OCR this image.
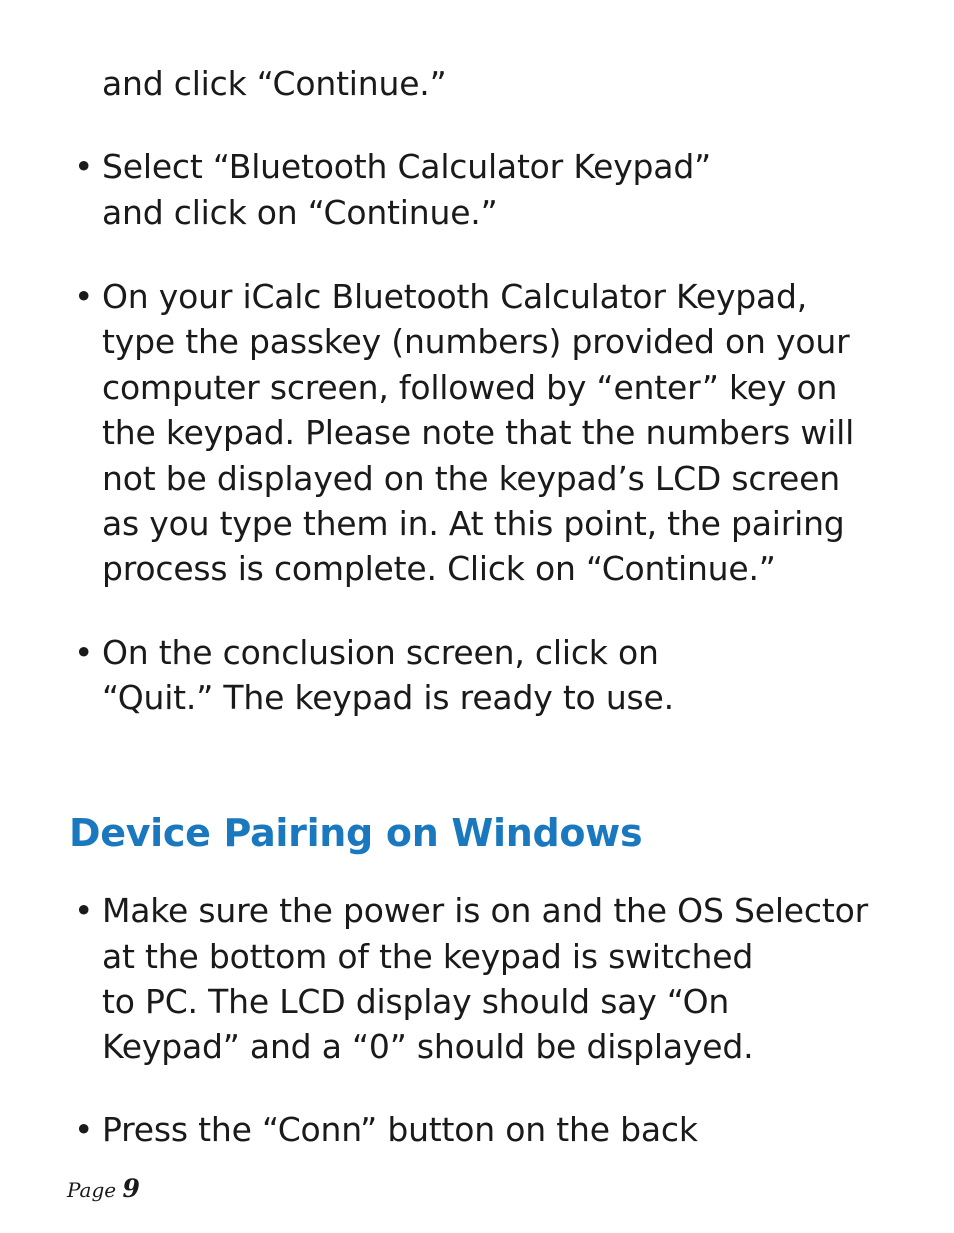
and click “Continue.”
• Select “Bluetooth Calculator Keypad”
and click on “Continue.”
• On your iCalc Bluetooth Calculator Keypad,
type the passkey (numbers) provided on your
computer screen, followed by “enter” key on
the keypad. Please note that the numbers will
not be displayed on the keypad’s LCD screen
as you type them in. At this point, the pairing
process is complete. Click on “Continue.”
• On the conclusion screen, click on
“Quit.” The keypad is ready to use.
Device Pairing on Windows
• Make sure the power is on and the OS Selector
at the bottom of the keypad is switched
to PC. The LCD display should say “On
Keypad” and a “0” should be displayed.
• Press the “Conn” button on the back
Page 9
